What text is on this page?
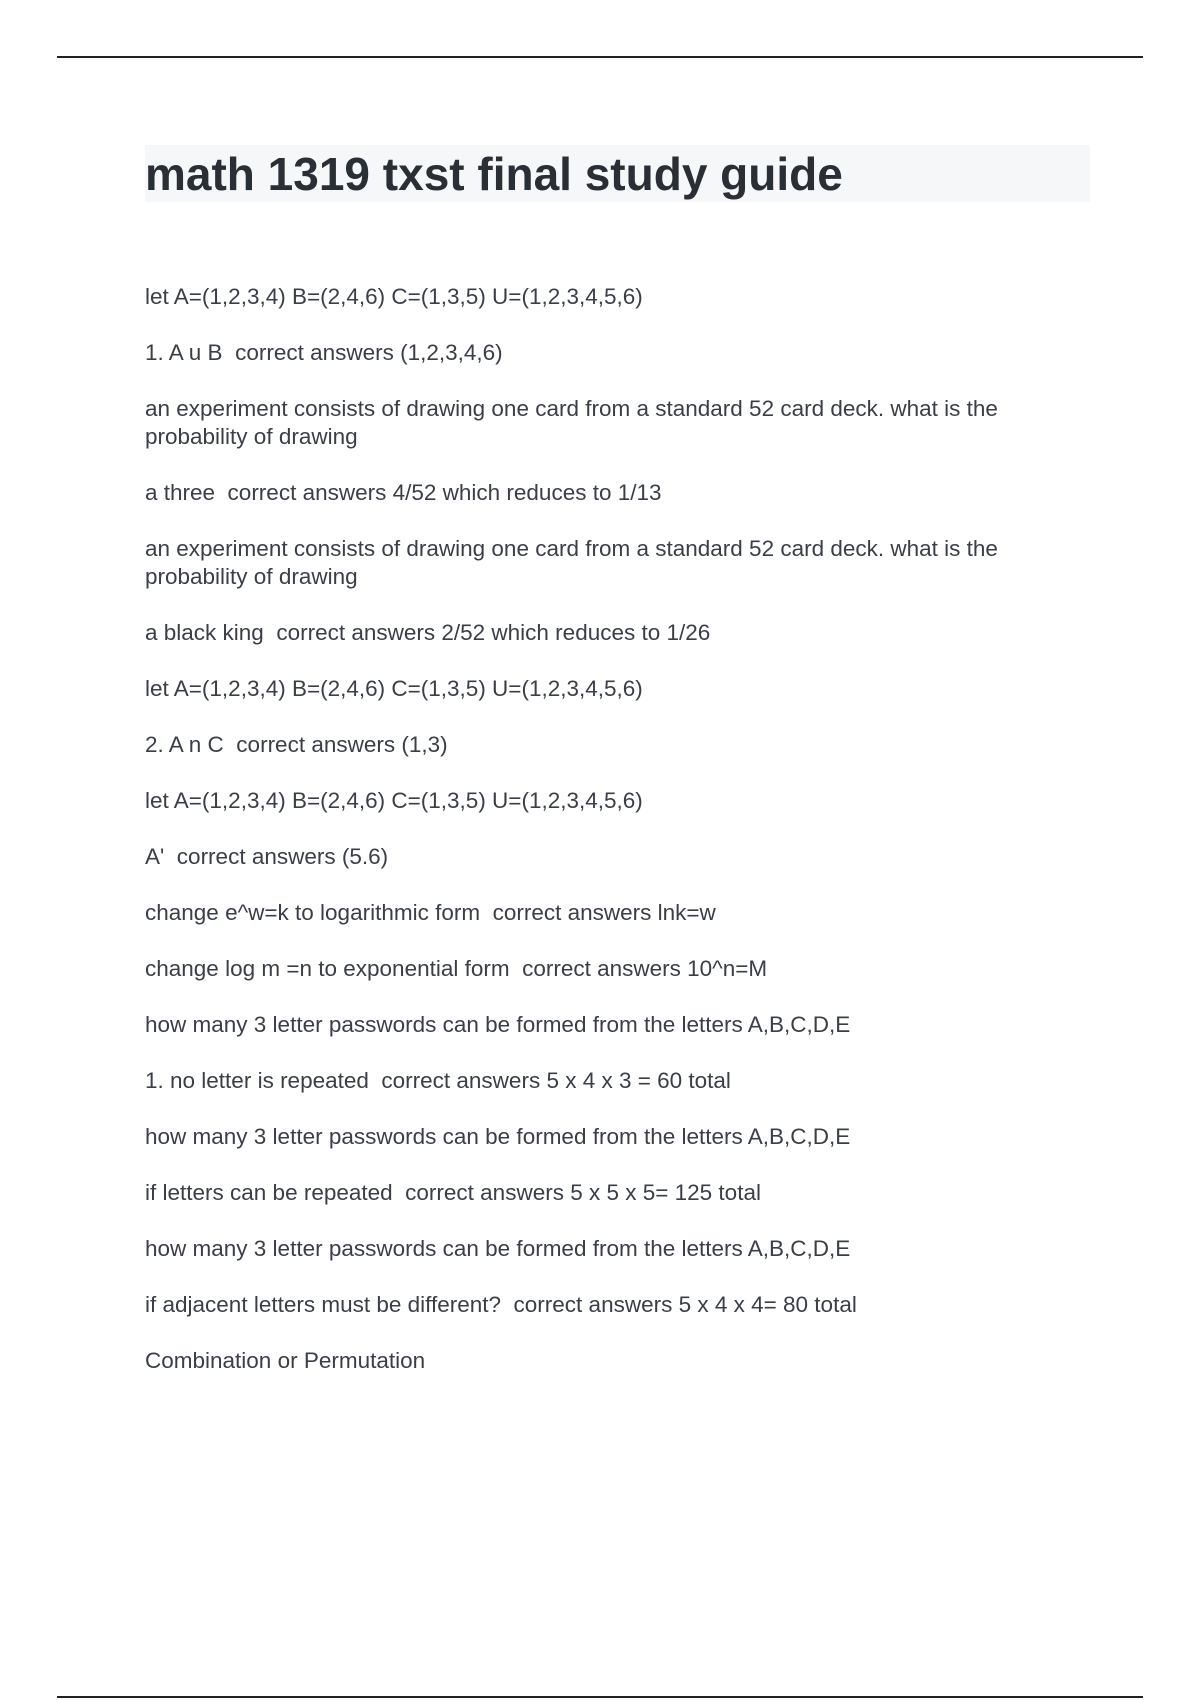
math 1319 txst final study guide

let A=(1,2,3,4) B=(2,4,6) C=(1,3,5) U=(1,2,3,4,5,6)

1. A u B  correct answers (1,2,3,4,6)

an experiment consists of drawing one card from a standard 52 card deck. what is the probability of drawing

a three  correct answers 4/52 which reduces to 1/13

an experiment consists of drawing one card from a standard 52 card deck. what is the probability of drawing

a black king  correct answers 2/52 which reduces to 1/26

let A=(1,2,3,4) B=(2,4,6) C=(1,3,5) U=(1,2,3,4,5,6)

2. A n C  correct answers (1,3)

let A=(1,2,3,4) B=(2,4,6) C=(1,3,5) U=(1,2,3,4,5,6)

A'  correct answers (5.6)

change e^w=k to logarithmic form  correct answers lnk=w

change log m =n to exponential form  correct answers 10^n=M

how many 3 letter passwords can be formed from the letters A,B,C,D,E

1. no letter is repeated  correct answers 5 x 4 x 3 = 60 total

how many 3 letter passwords can be formed from the letters A,B,C,D,E

if letters can be repeated  correct answers 5 x 5 x 5= 125 total

how many 3 letter passwords can be formed from the letters A,B,C,D,E

if adjacent letters must be different?  correct answers 5 x 4 x 4= 80 total

Combination or Permutation
